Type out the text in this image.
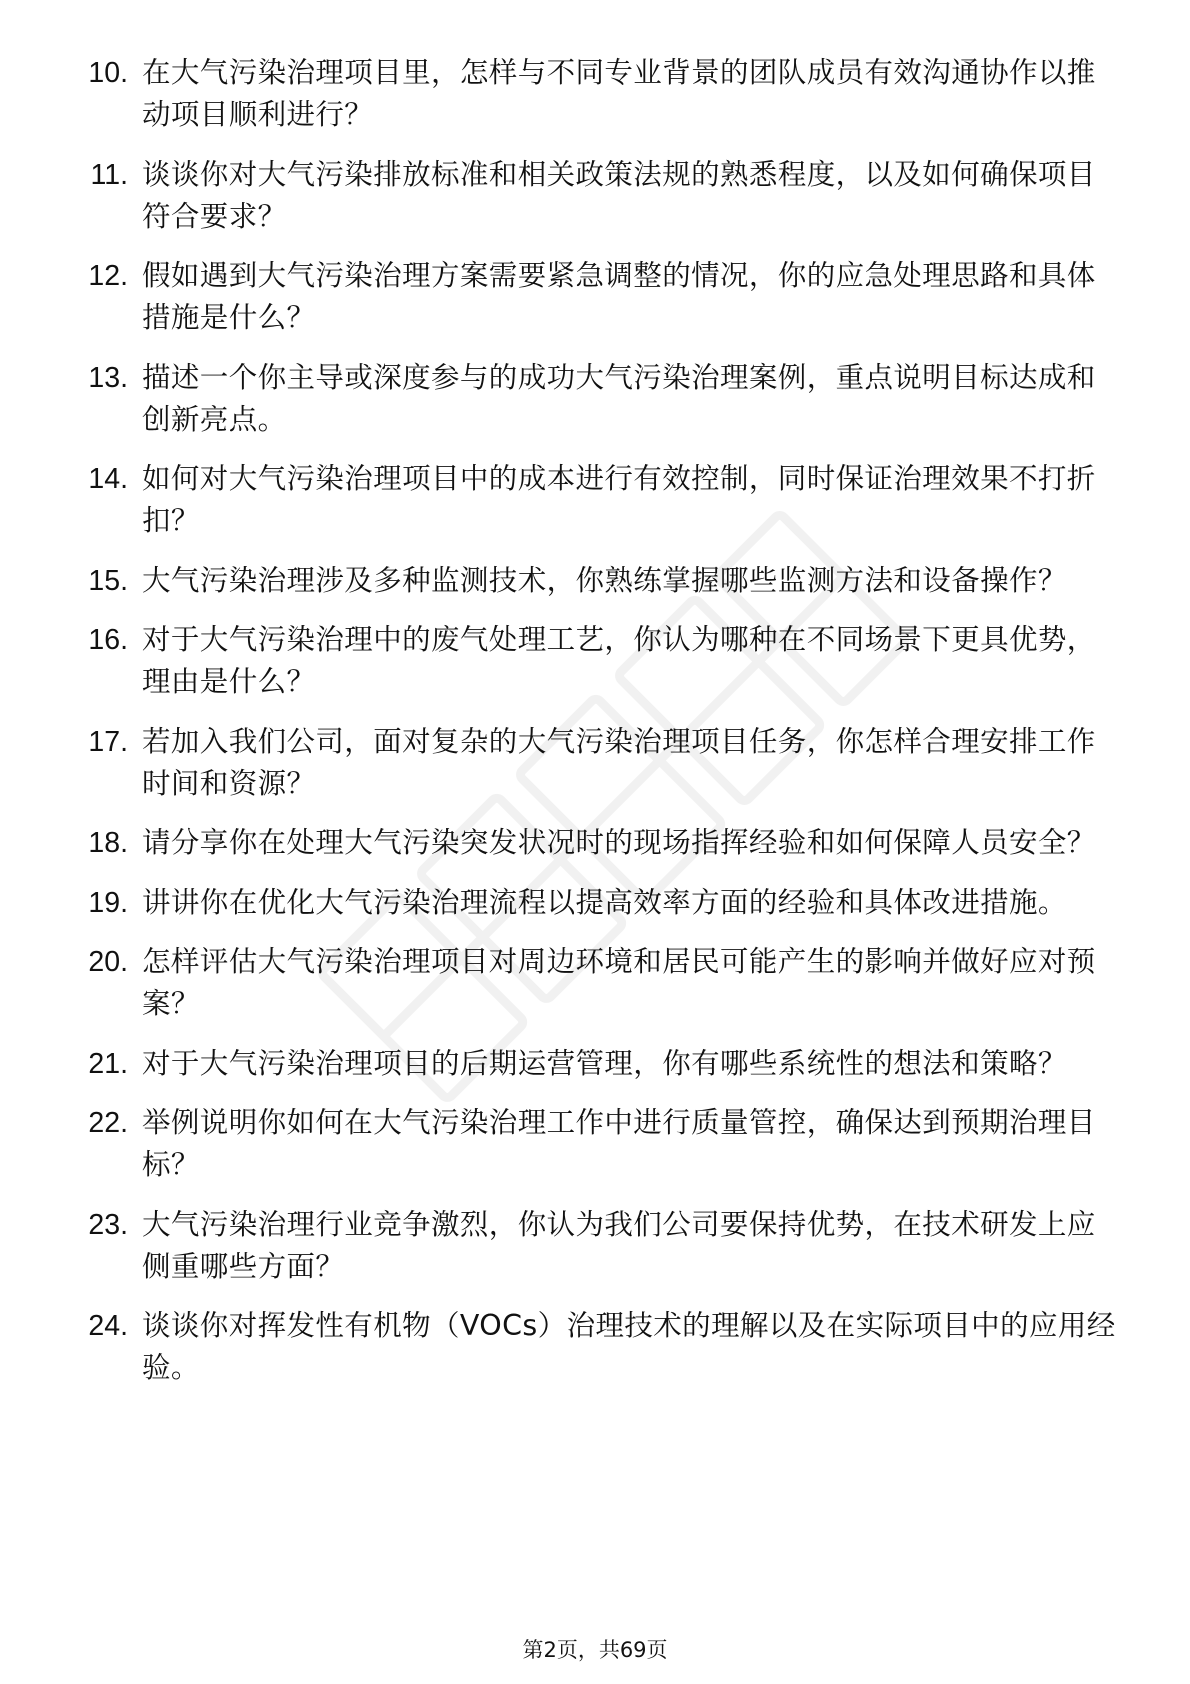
10. 在大气污染治理项目里，怎样与不同专业背景的团队成员有效沟通协作以推动项目顺利进行？
11. 谈谈你对大气污染排放标准和相关政策法规的熟悉程度，以及如何确保项目符合要求？
12. 假如遇到大气污染治理方案需要紧急调整的情况，你的应急处理思路和具体措施是什么？
13. 描述一个你主导或深度参与的成功大气污染治理案例，重点说明目标达成和创新亮点。
14. 如何对大气污染治理项目中的成本进行有效控制，同时保证治理效果不打折扣？
15. 大气污染治理涉及多种监测技术，你熟练掌握哪些监测方法和设备操作？
16. 对于大气污染治理中的废气处理工艺，你认为哪种在不同场景下更具优势，理由是什么？
17. 若加入我们公司，面对复杂的大气污染治理项目任务，你怎样合理安排工作时间和资源？
18. 请分享你在处理大气污染突发状况时的现场指挥经验和如何保障人员安全？
19. 讲讲你在优化大气污染治理流程以提高效率方面的经验和具体改进措施。
20. 怎样评估大气污染治理项目对周边环境和居民可能产生的影响并做好应对预案？
21. 对于大气污染治理项目的后期运营管理，你有哪些系统性的想法和策略？
22. 举例说明你如何在大气污染治理工作中进行质量管控，确保达到预期治理目标？
23. 大气污染治理行业竞争激烈，你认为我们公司要保持优势，在技术研发上应侧重哪些方面？
24. 谈谈你对挥发性有机物（VOCs）治理技术的理解以及在实际项目中的应用经验。
第2页，共69页
